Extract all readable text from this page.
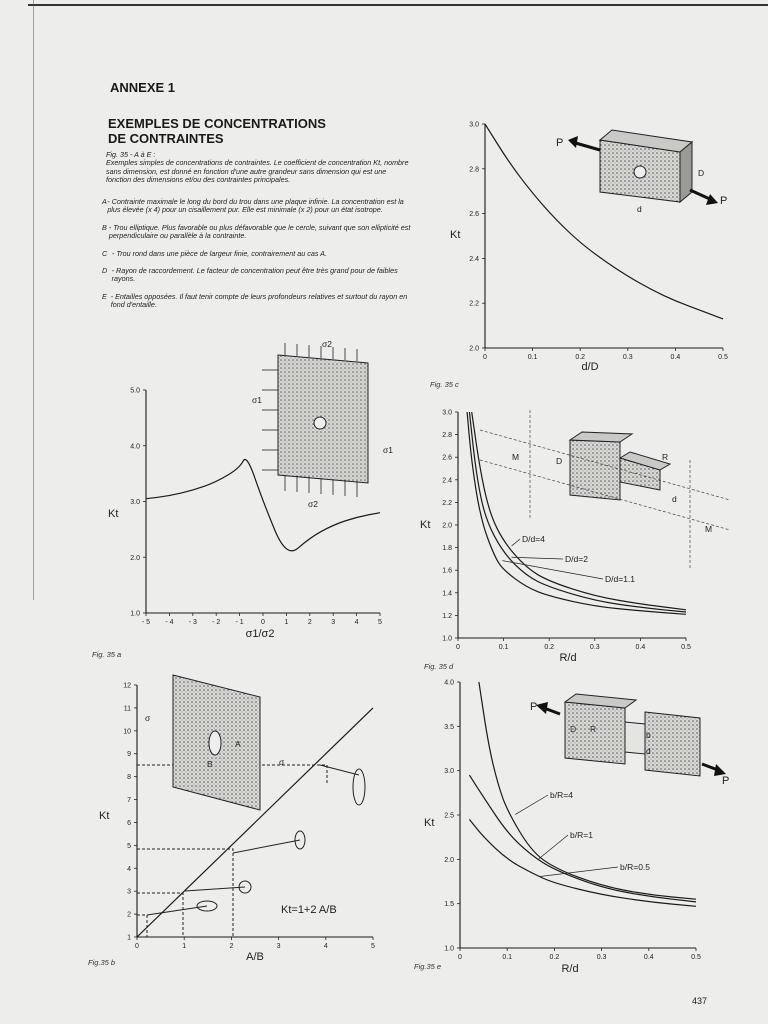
ANNEXE 1
EXEMPLES DE CONCENTRATIONS
DE CONTRAINTES
Fig. 35 - A à E :
Exemples simples de concentrations de contraintes. Le coefficient de concentration Kt, nombre sans dimension, est donné en fonction d'une autre grandeur sans dimension qui est une fonction des dimensions et/ou des contraintes principales.
A - Contrainte maximale le long du bord du trou dans une plaque infinie. La concentration est la plus élevée (x 4) pour un cisaillement pur. Elle est minimale (x 2) pour un état isotrope.
B - Trou elliptique. Plus favorable ou plus défavorable que le cercle, suivant que son ellipticité est perpendiculaire ou parallèle à la contrainte.
C - Trou rond dans une pièce de largeur finie, contrairement au cas A.
D - Rayon de raccordement. Le facteur de concentration peut être très grand pour de faibles rayons.
E - Entailles opposées. Il faut tenir compte de leurs profondeurs relatives et surtout du rayon en fond d'entaille.
Fig. 35 c
Fig. 35 a
Fig. 35 d
Fig.35 b	Fig.35 e
437
0	0.1	0.2	0.3	0.4	0.5
2.0
2.2
2.4
2.6
2.8
3.0
Kt
d/D
P
P
D
d
- 5 - 4 - 3 - 2 - 1 0	1	2	3	4	5
1.0
2.0
3.0
4.0
5.0
Kt
σ1/σ2
σ1
σ1
σ2
σ2
0	0.1	0.2	0.3	0.4	0.5
1.0
1.2
1.4
1.6
1.8
2.0
2.2
2.4
2.6
2.8
3.0
Kt
R/d
M
M
D
d
R
D/d=4
D/d=2
D/d=1.1
0	1	2	3	4	5
1
2
3
4
5
6
7
8
9
10
11
12
Kt
A/B
σ
σ
A
B
Kt=1+2 A/B
0	0.1	0.2	0.3	0.4	0.5
1.0
1.5
2.0
2.5
3.0
3.5
4.0
Kt
R/d
P
P
D R
b
d
b/R=4
b/R=1
b/R=0.5
